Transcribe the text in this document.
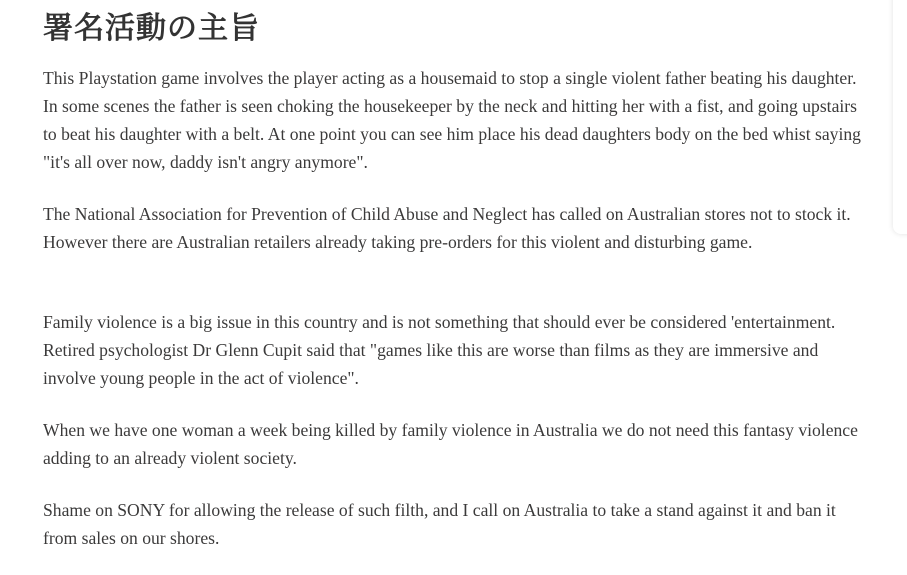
署名活動の主旨

This Playstation game involves the player acting as a housemaid to stop a single violent father beating his daughter. In some scenes the father is seen choking the housekeeper by the neck and hitting her with a fist, and going upstairs to beat his daughter with a belt. At one point you can see him place his dead daughters body on the bed whist saying "it's all over now, daddy isn't angry anymore".

The National Association for Prevention of Child Abuse and Neglect has called on Australian stores not to stock it. However there are Australian retailers already taking pre-orders for this violent and disturbing game.

Family violence is a big issue in this country and is not something that should ever be considered 'entertainment. Retired psychologist Dr Glenn Cupit said that "games like this are worse than films as they are immersive and involve young people in the act of violence".

When we have one woman a week being killed by family violence in Australia we do not need this fantasy violence adding to an already violent society.

Shame on SONY for allowing the release of such filth, and I call on Australia to take a stand against it and ban it from sales on our shores.
